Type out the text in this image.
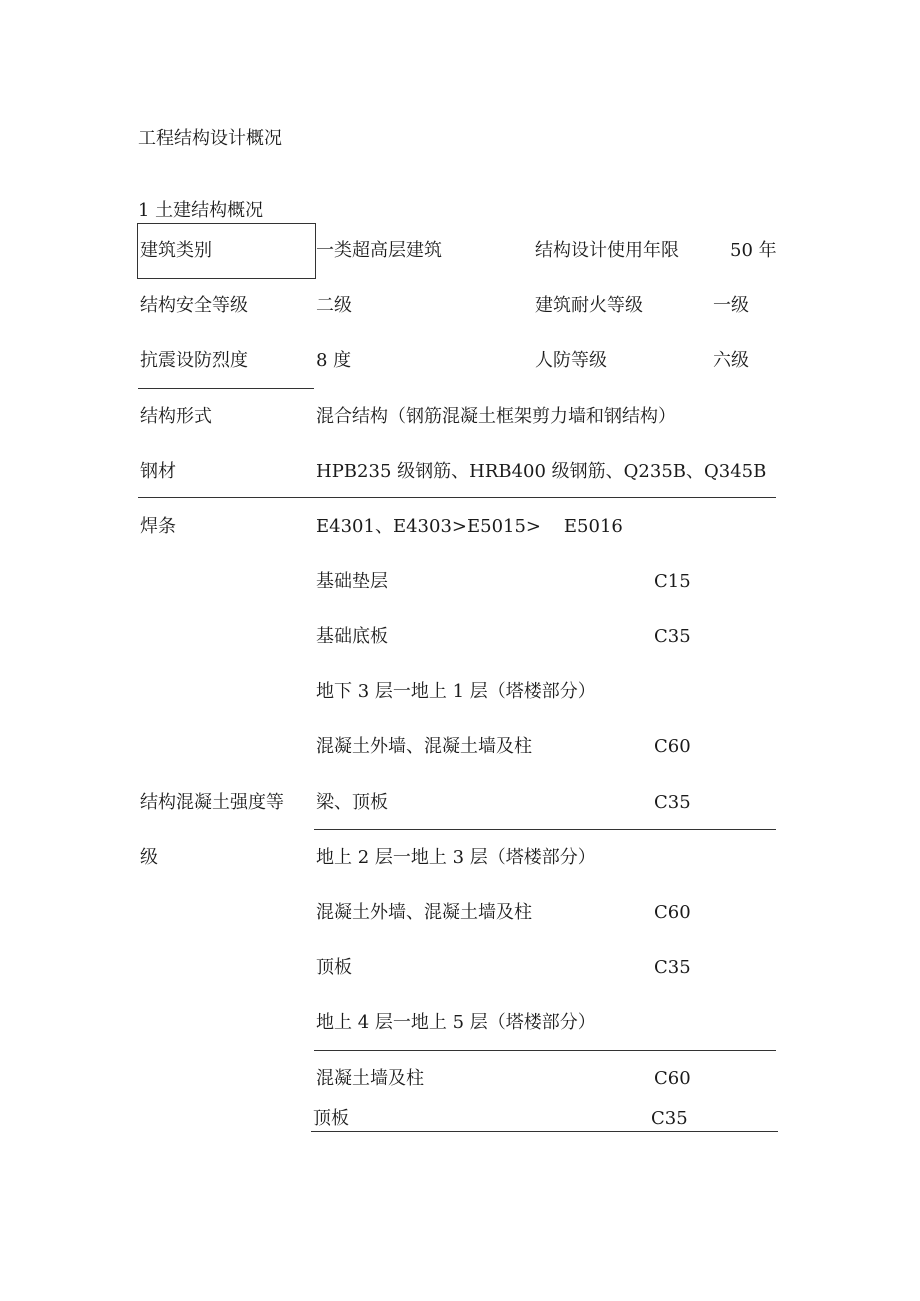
工程结构设计概况
1 土建结构概况
建筑类别	一类超高层建筑	结构设计使用年限	50 年
结构安全等级	二级	建筑耐火等级	一级
抗震设防烈度	8 度	人防等级	六级
结构形式	混合结构（钢筋混凝土框架剪力墙和钢结构）
钢材	HPB235 级钢筋、HRB400 级钢筋、Q235B、Q345B
焊条	E4301、E4303>E5015>    E5016
结构混凝土强度等
级
基础垫层	C15
基础底板	C35
地下 3 层一地上 1 层（塔楼部分）
混凝土外墙、混凝土墙及柱	C60
梁、顶板	C35
地上 2 层一地上 3 层（塔楼部分）
混凝土外墙、混凝土墙及柱	C60
顶板	C35
地上 4 层一地上 5 层（塔楼部分）
混凝土墙及柱	C60
顶板	C35
